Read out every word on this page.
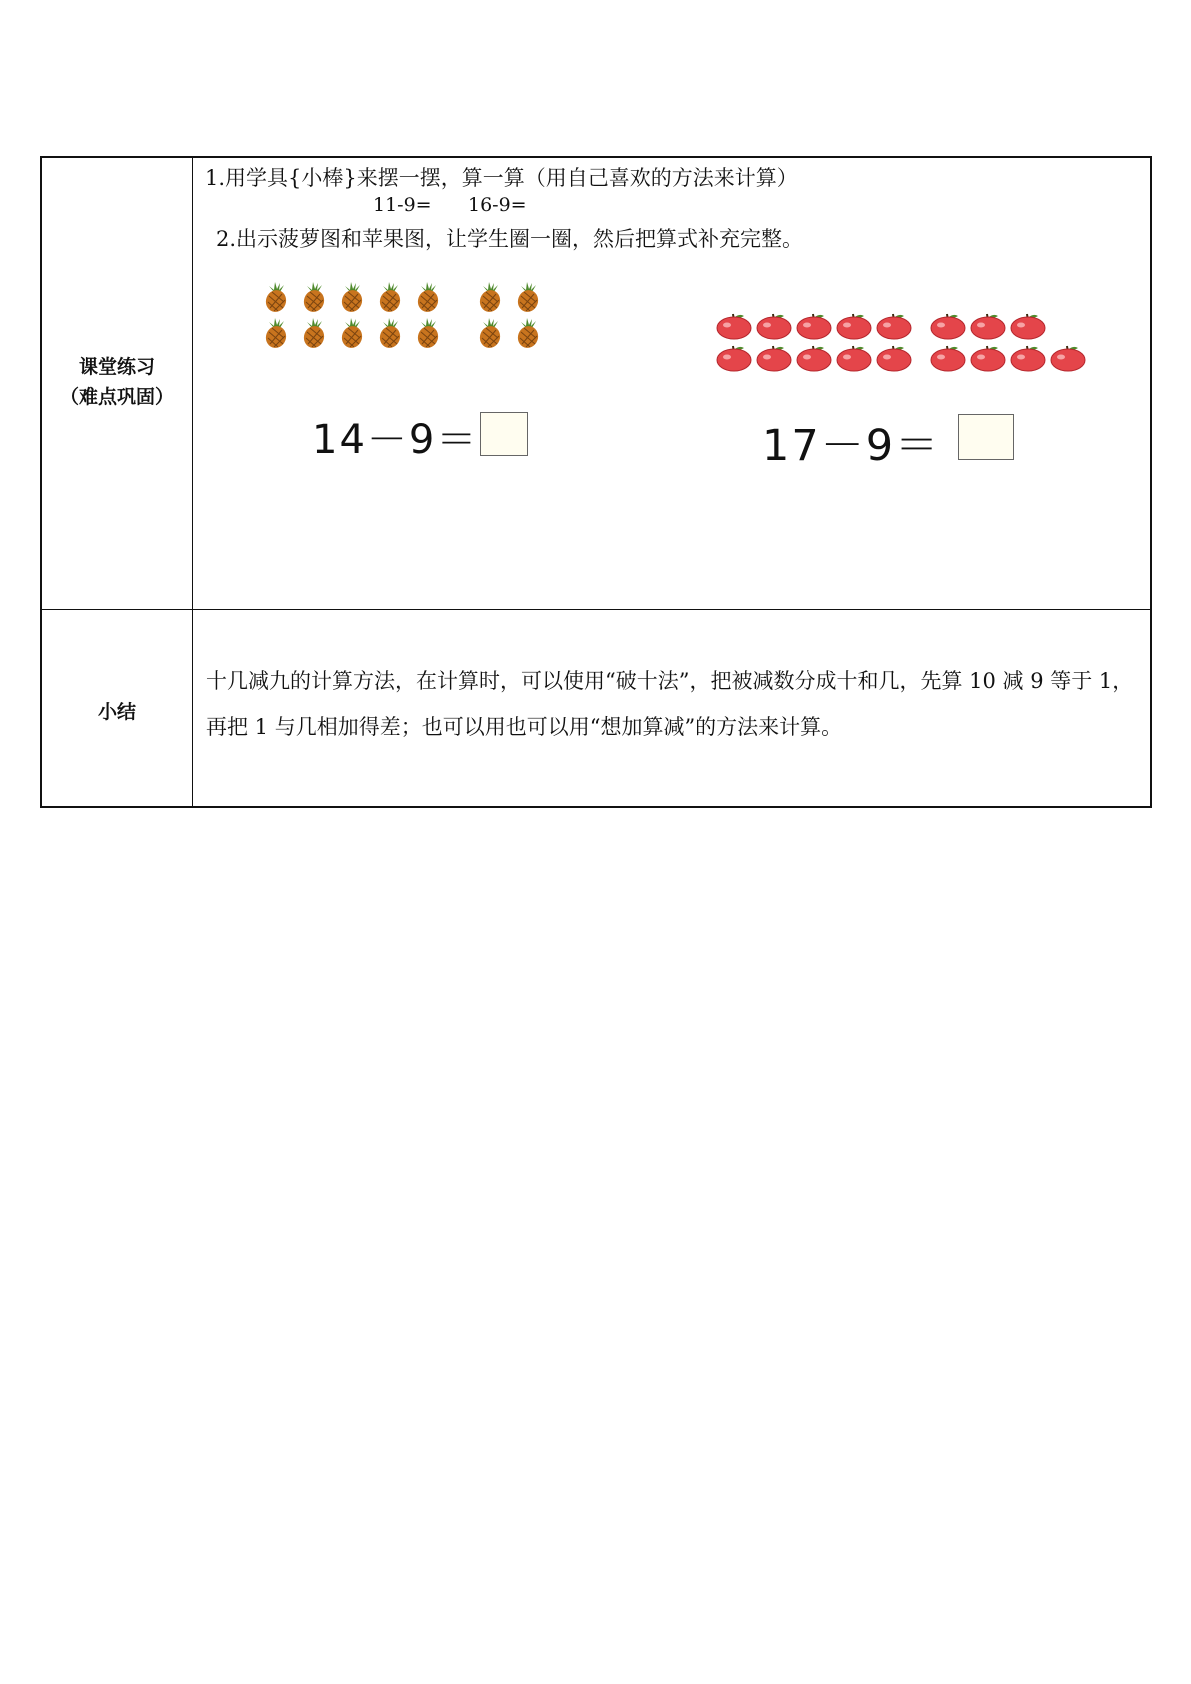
课堂练习
（难点巩固）
1.用学具{小棒}来摆一摆，算一算（用自己喜欢的方法来计算）
11-9= 16-9=
2.出示菠萝图和苹果图，让学生圈一圈，然后把算式补充完整。
14－9＝	17－9＝
小结
十几减九的计算方法，在计算时，可以使用“破十法”，把被减数分成十和几，先算 10 减 9 等于 1，再把 1 与几相加得差；也可以用也可以用“想加算减”的方法来计算。
